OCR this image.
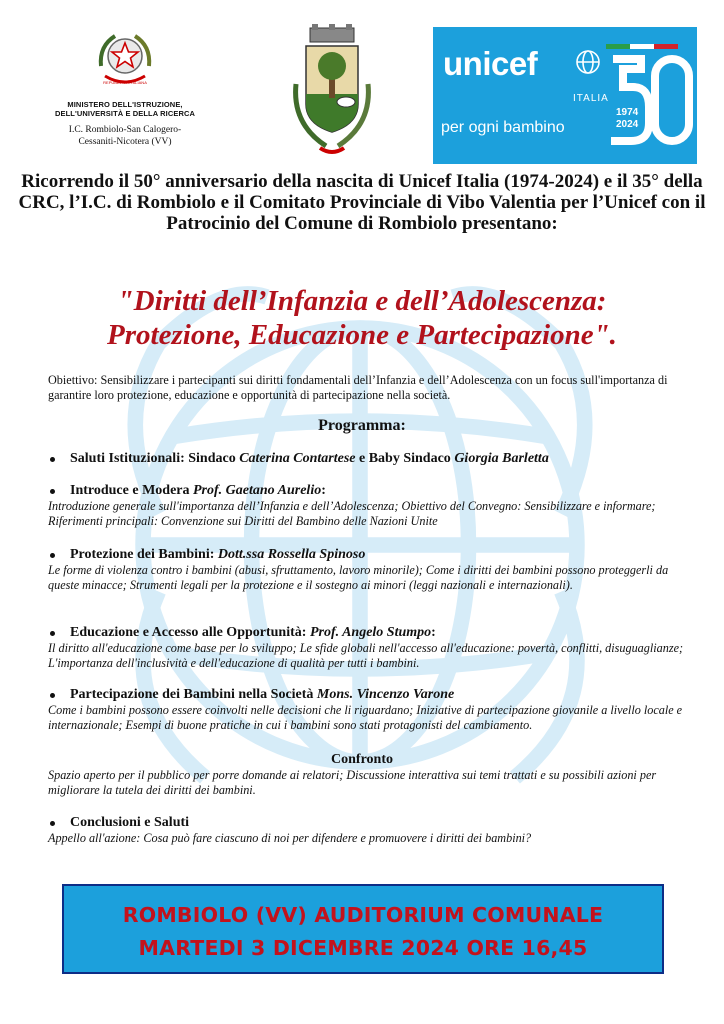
REPUBBLICA ITALIANA
MINISTERO DELL'ISTRUZIONE, DELL'UNIVERSITÀ E DELLA RICERCA
I.C. Rombiolo-San Calogero-Cessaniti-Nicotera (VV)
unicef
ITALIA
per ogni bambino
1974
2024
Ricorrendo il 50° anniversario della nascita di Unicef Italia (1974-2024) e il 35° della CRC, l’I.C. di Rombiolo e il Comitato Provinciale di Vibo Valentia per l’Unicef con il Patrocinio del Comune di Rombiolo presentano:
"Diritti dell’Infanzia e dell’Adolescenza:
Protezione, Educazione e Partecipazione".
Obiettivo: Sensibilizzare i partecipanti sui diritti fondamentali dell’Infanzia e dell’Adolescenza con un focus sull'importanza di garantire loro protezione, educazione e opportunità di partecipazione nella società.
Programma:
Saluti Istituzionali: Sindaco Caterina Contartese e Baby Sindaco Giorgia Barletta
Introduce e Modera Prof. Gaetano Aurelio:
Introduzione generale sull'importanza dell’Infanzia e dell’Adolescenza; Obiettivo del Convegno: Sensibilizzare e informare; Riferimenti principali: Convenzione sui Diritti del Bambino delle Nazioni Unite
Protezione dei Bambini: Dott.ssa Rossella Spinoso
Le forme di violenza contro i bambini (abusi, sfruttamento, lavoro minorile); Come i diritti dei bambini possono proteggerli da queste minacce; Strumenti legali per la protezione e il sostegno ai minori (leggi nazionali e internazionali).
Educazione e Accesso alle Opportunità: Prof. Angelo Stumpo:
Il diritto all'educazione come base per lo sviluppo; Le sfide globali nell'accesso all'educazione: povertà, conflitti, disuguaglianze; L'importanza dell'inclusività e dell'educazione di qualità per tutti i bambini.
Partecipazione dei Bambini nella Società Mons. Vincenzo Varone
Come i bambini possono essere coinvolti nelle decisioni che li riguardano; Iniziative di partecipazione giovanile a livello locale e internazionale; Esempi di buone pratiche in cui i bambini sono stati protagonisti del cambiamento.
Confronto
Spazio aperto per il pubblico per porre domande ai relatori; Discussione interattiva sui temi trattati e su possibili azioni per migliorare la tutela dei diritti dei bambini.
Conclusioni e Saluti
Appello all'azione: Cosa può fare ciascuno di noi per difendere e promuovere i diritti dei bambini?
ROMBIOLO (VV) AUDITORIUM COMUNALE
MARTEDI 3 DICEMBRE 2024 ORE 16,45
